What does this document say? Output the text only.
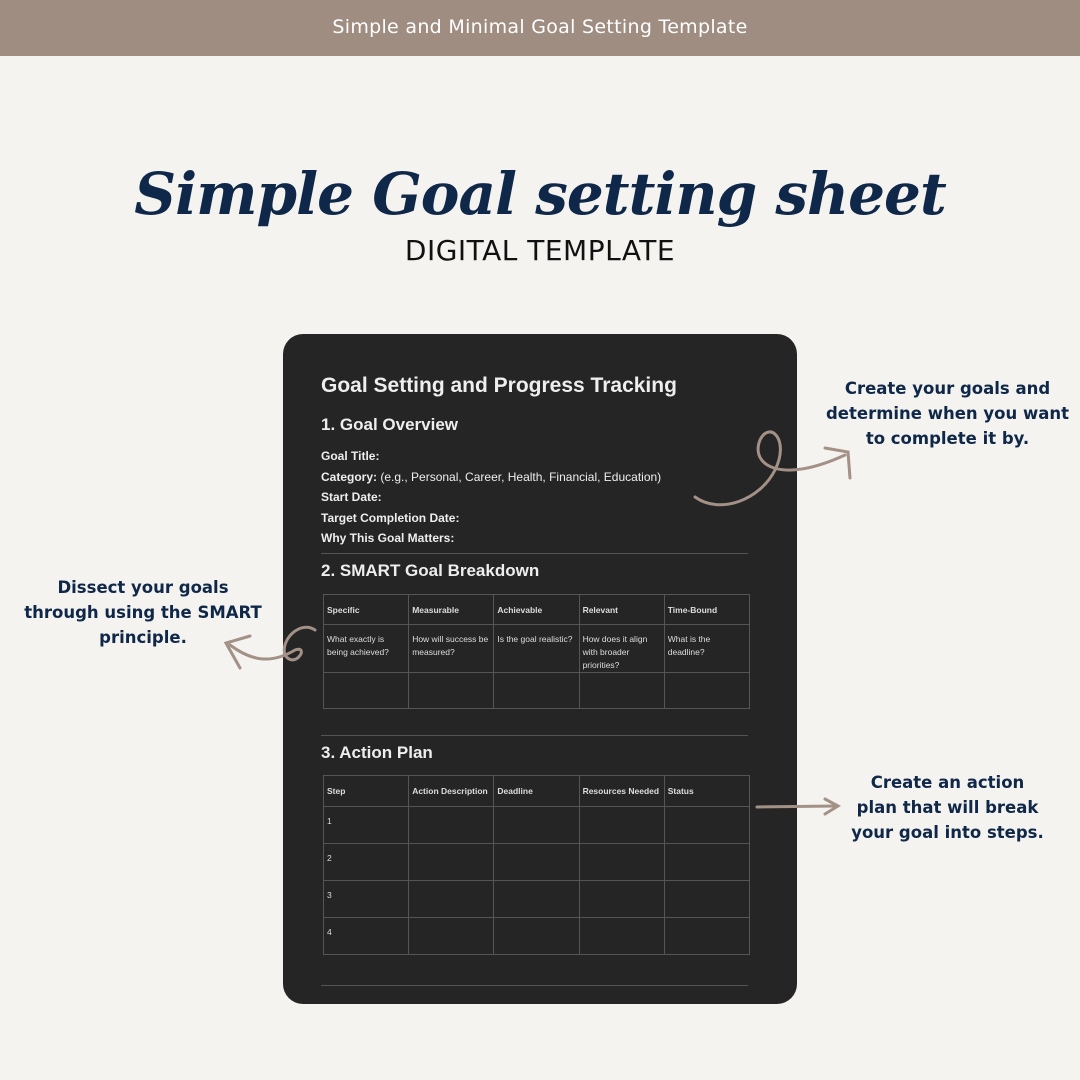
Simple and Minimal Goal Setting Template
Simple Goal setting sheet
DIGITAL TEMPLATE
Goal Setting and Progress Tracking
1. Goal Overview
Goal Title:
Category: (e.g., Personal, Career, Health, Financial, Education)
Start Date:
Target Completion Date:
Why This Goal Matters:
2. SMART Goal Breakdown
Specific	Measurable	Achievable	Relevant	Time-Bound
What exactly is being achieved?	How will success be measured?	Is the goal realistic?	How does it align with broader priorities?	What is the deadline?

3. Action Plan
Step	Action Description	Deadline	Resources Needed	Status
1				
2				
3				
4				
Create your goals and determine when you want to complete it by.
Dissect your goals through using the SMART principle.
Create an action plan that will break your goal into steps.
